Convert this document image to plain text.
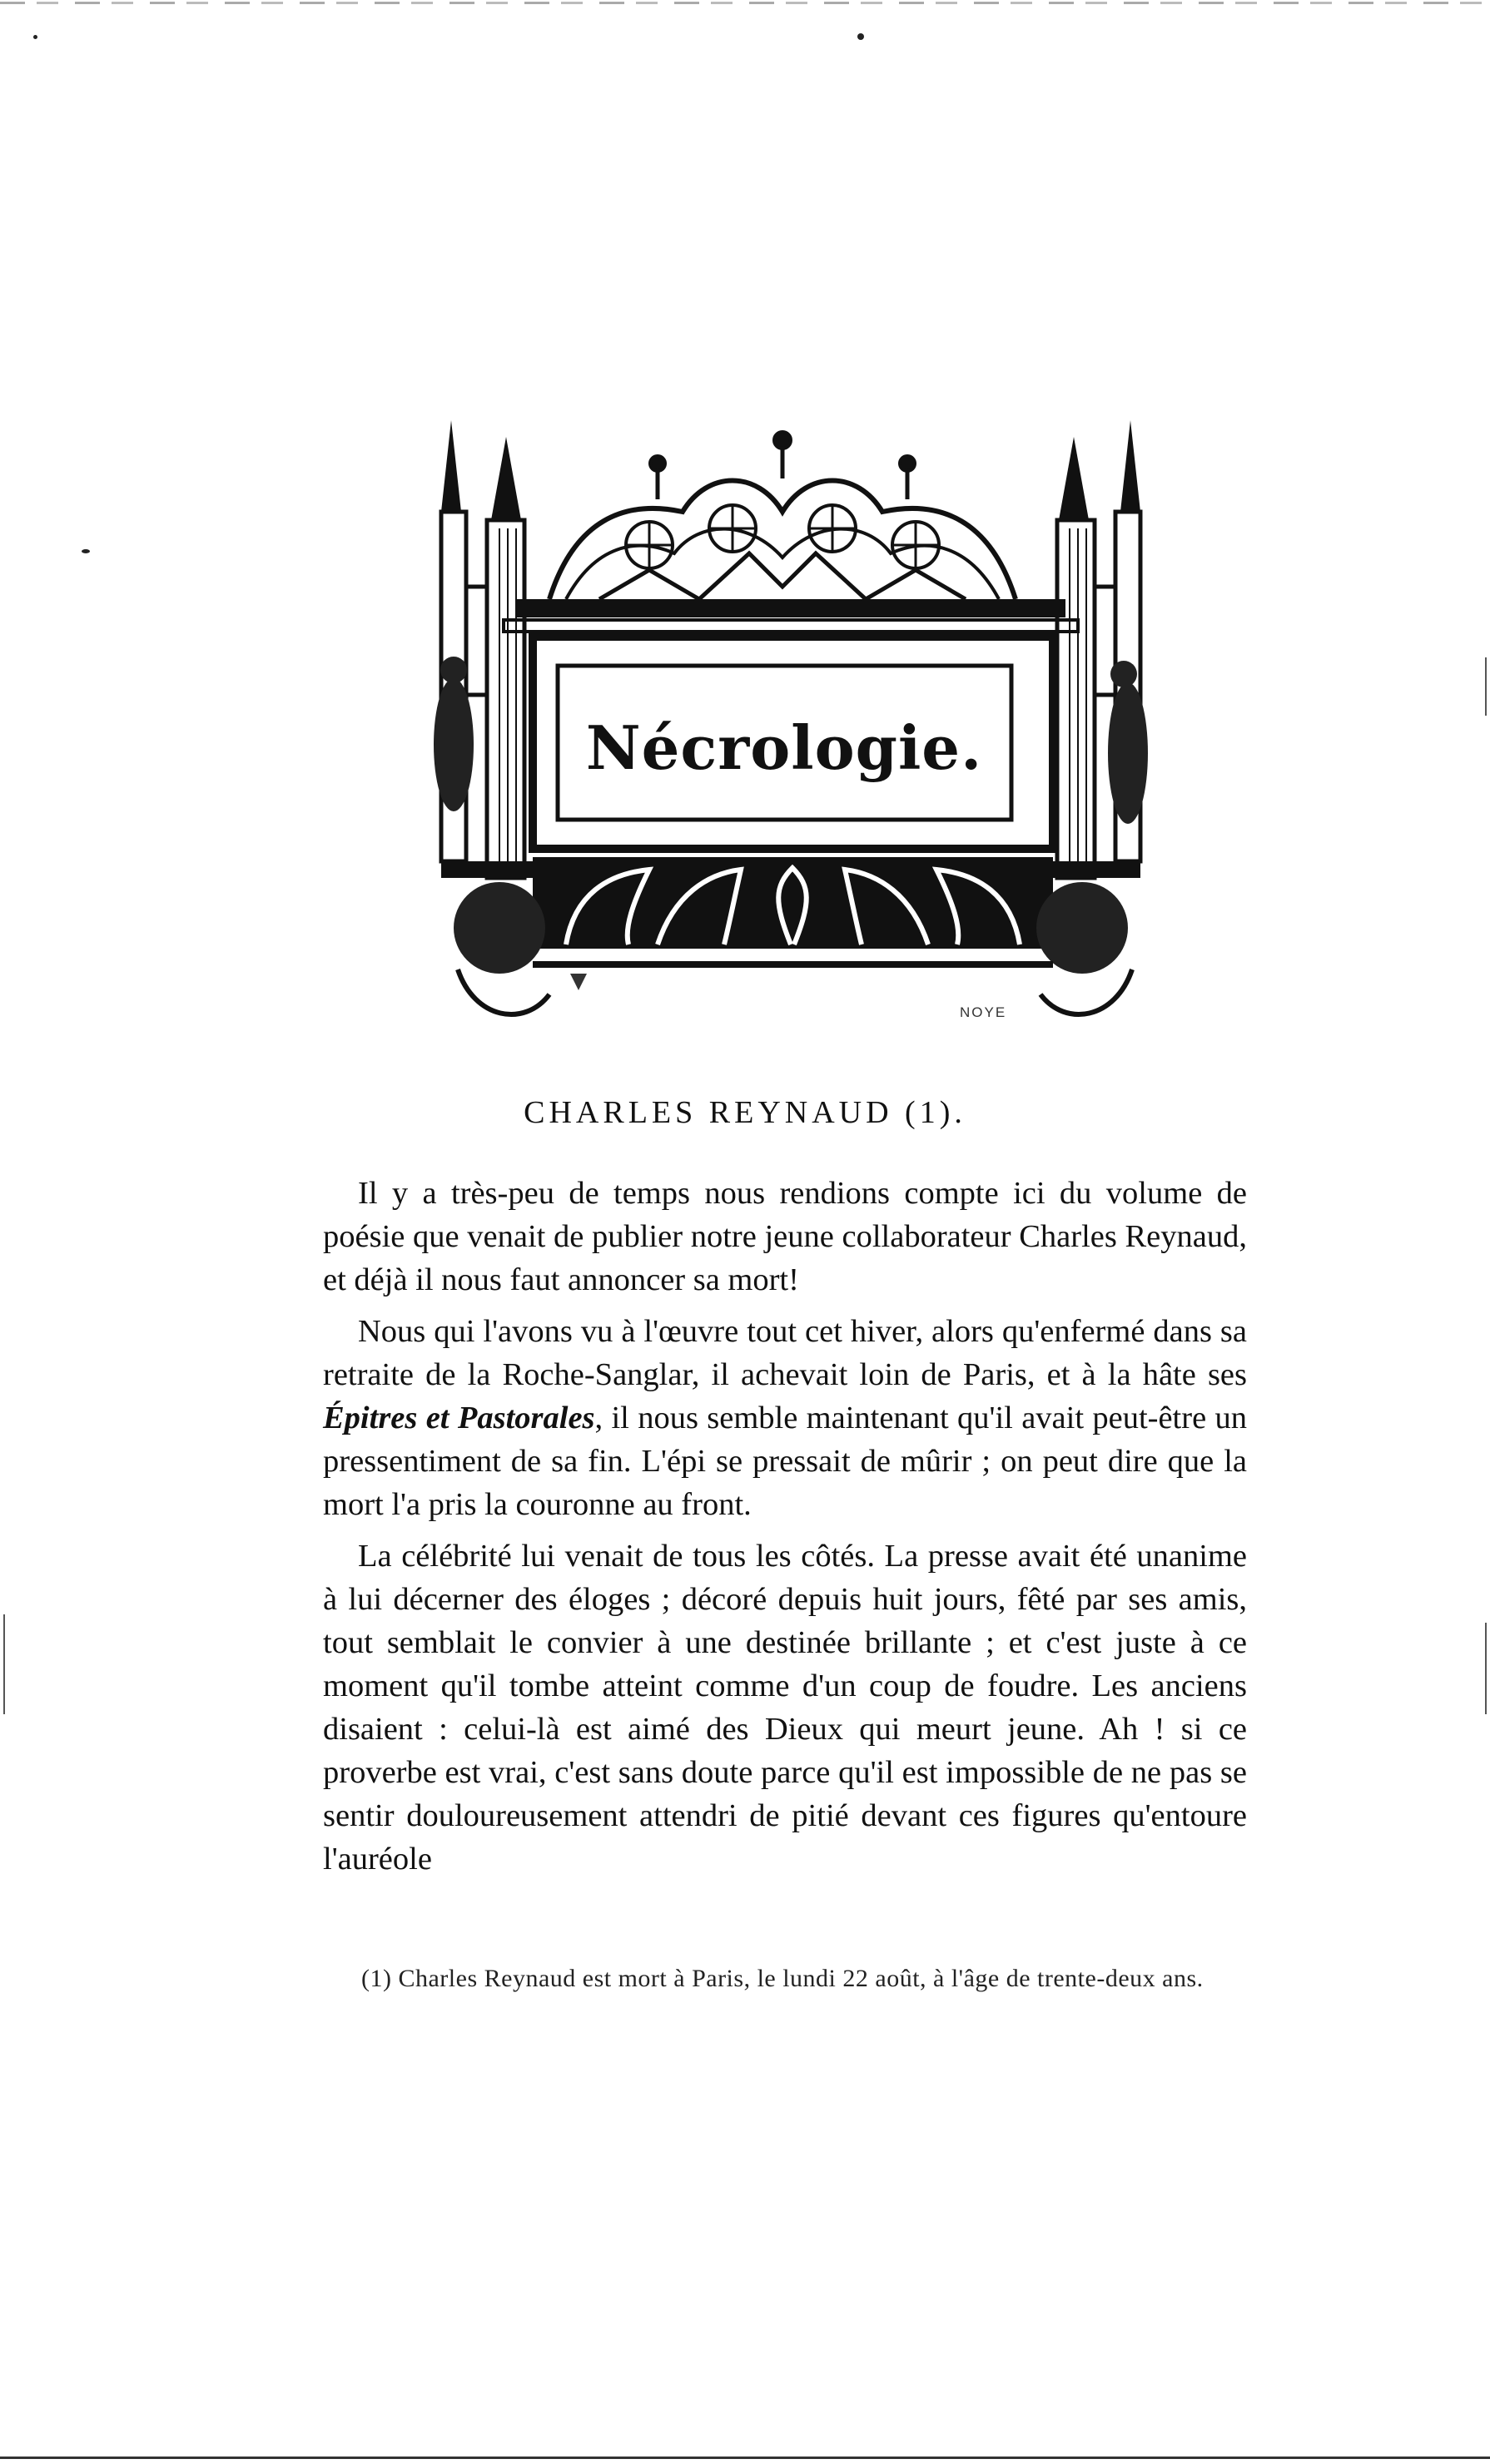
Nécrologie.
NOYE
CHARLES REYNAUD (1).

Il y a très-peu de temps nous rendions compte ici du volume de poésie que venait de publier notre jeune collaborateur Charles Reynaud, et déjà il nous faut annoncer sa mort!

Nous qui l'avons vu à l'œuvre tout cet hiver, alors qu'enfermé dans sa retraite de la Roche-Sanglar, il achevait loin de Paris, et à la hâte ses Épitres et Pastorales, il nous semble maintenant qu'il avait peut-être un pressentiment de sa fin. L'épi se pressait de mûrir ; on peut dire que la mort l'a pris la couronne au front.

La célébrité lui venait de tous les côtés. La presse avait été unanime à lui décerner des éloges ; décoré depuis huit jours, fêté par ses amis, tout semblait le convier à une destinée brillante ; et c'est juste à ce moment qu'il tombe atteint comme d'un coup de foudre. Les anciens disaient : celui-là est aimé des Dieux qui meurt jeune. Ah ! si ce proverbe est vrai, c'est sans doute parce qu'il est impossible de ne pas se sentir douloureusement attendri de pitié devant ces figures qu'entoure l'auréole

(1) Charles Reynaud est mort à Paris, le lundi 22 août, à l'âge de trente-deux ans.
